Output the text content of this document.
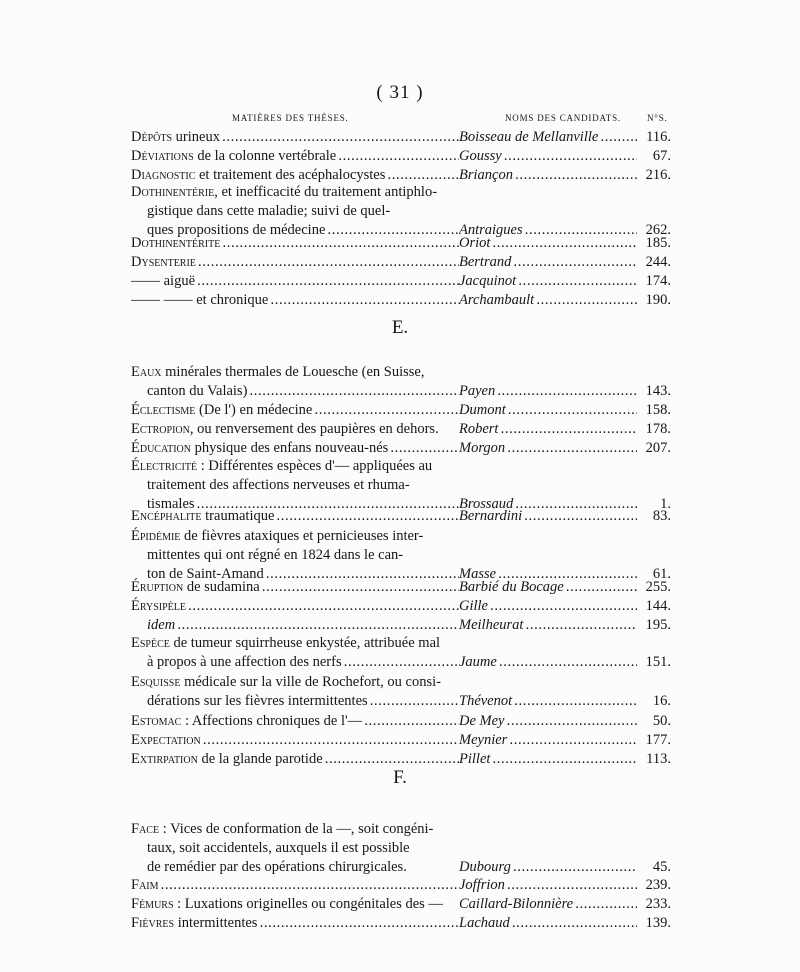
( 31 )
MATIÈRES DES THÈSES.	NOMS DES CANDIDATS.	N°S.
E.
F.
Dépôts urineux . . .	Boisseau de Mellanville . . .	116.
Déviations de la colonne vertébrale . . .	Goussy . . .	67.
Diagnostic et traitement des acéphalocystes . . .	Briançon . . .	216.
Dothinentérie, et inefficacité du traitement antiphlo-
gistique dans cette maladie; suivi de quel-
ques propositions de médecine . . .	Antraigues . . .	262.
Dothinentérite . . .	Oriot . . .	185.
Dysenterie . . .	Bertrand . . .	244.
—— aiguë . . .	Jacquinot . . .	174.
—— —— et chronique . . .	Archambault . . .	190.
Eaux minérales thermales de Louesche (en Suisse,
canton du Valais) . . .	Payen . . .	143.
Éclectisme (De l') en médecine . . .	Dumont . . .	158.
Ectropion, ou renversement des paupières en dehors.	Robert . . .	178.
Éducation physique des enfans nouveau-nés . . .	Morgon . . .	207.
Électricité : Différentes espèces d'— appliquées au
traitement des affections nerveuses et rhuma-
tismales . . .	Brossaud . . .	1.
Encéphalite traumatique . . .	Bernardini . . .	83.
Épidémie de fièvres ataxiques et pernicieuses inter-
mittentes qui ont régné en 1824 dans le can-
ton de Saint-Amand . . .	Masse . . .	61.
Éruption de sudamina . . .	Barbié du Bocage . . .	255.
Érysipèle . . .	Gille . . .	144.
idem . . .	Meilheurat . . .	195.
Espèce de tumeur squirrheuse enkystée, attribuée mal
à propos à une affection des nerfs . . .	Jaume . . .	151.
Esquisse médicale sur la ville de Rochefort, ou consi-
dérations sur les fièvres intermittentes . . .	Thévenot . . .	16.
Estomac : Affections chroniques de l'— . . .	De Mey . . .	50.
Expectation . . .	Meynier . . .	177.
Extirpation de la glande parotide . . .	Pillet . . .	113.
Face : Vices de conformation de la —, soit congéni-
taux, soit accidentels, auxquels il est possible
de remédier par des opérations chirurgicales.	Dubourg . . .	45.
Faim . . .	Joffrion . . .	239.
Fémurs : Luxations originelles ou congénitales des —	Caillard-Bilonnière . . .	233.
Fièvres intermittentes . . .	Lachaud . . .	139.
